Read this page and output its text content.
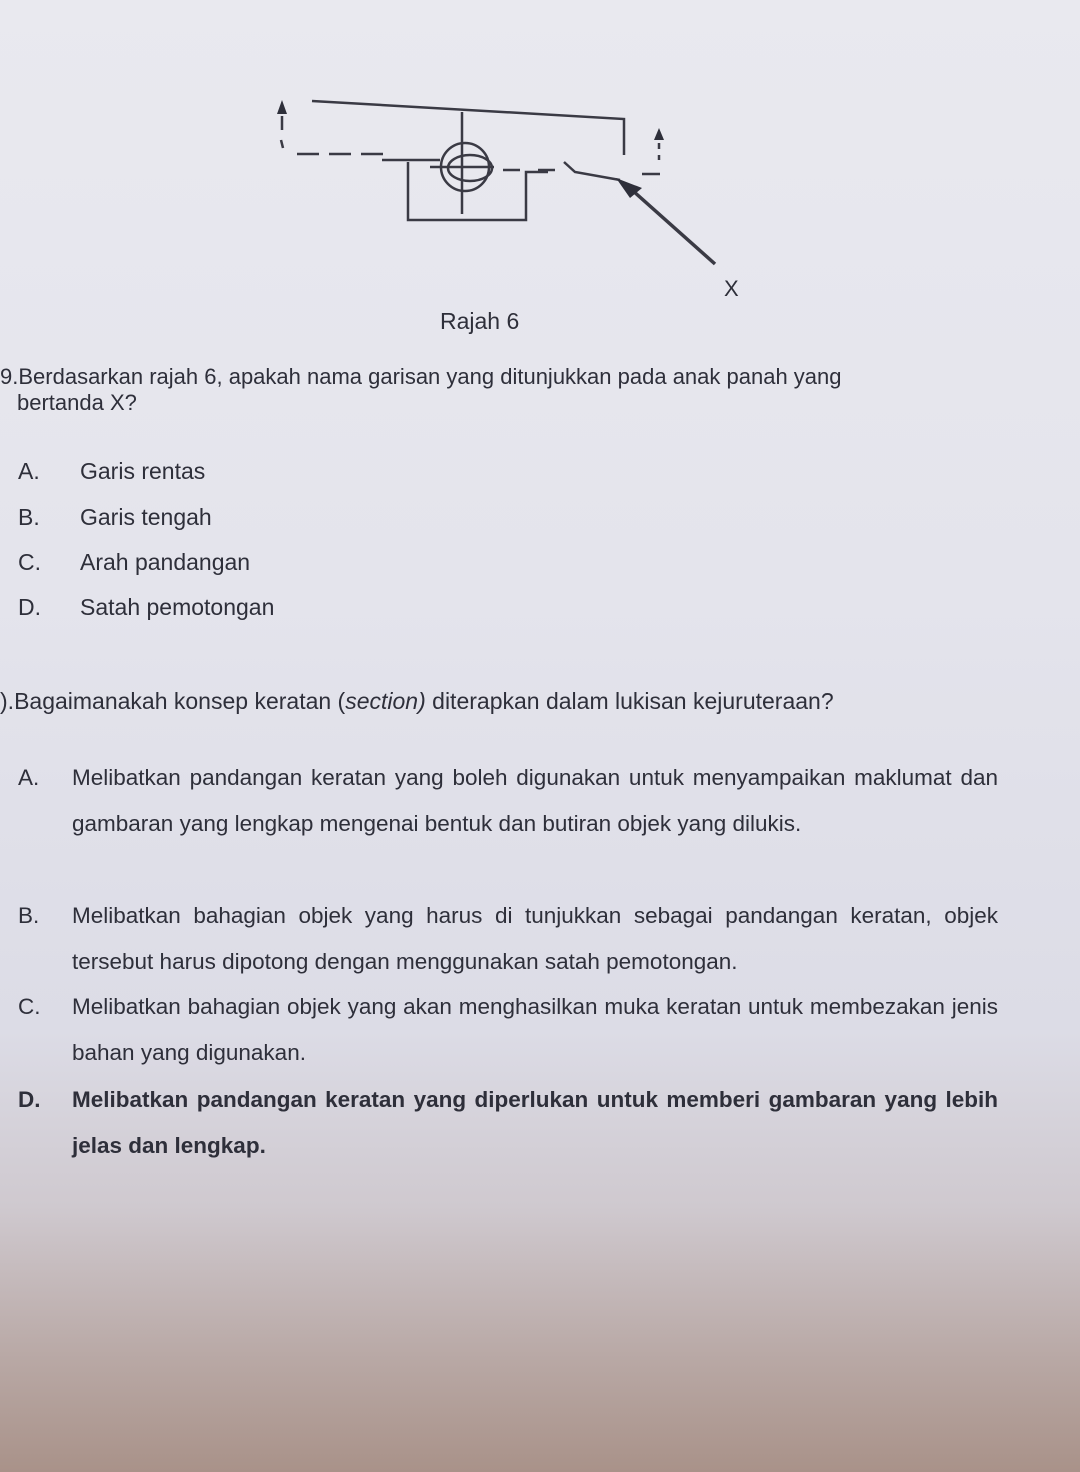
X
Rajah 6
9.Berdasarkan rajah 6, apakah nama garisan yang ditunjukkan pada anak panah yang
bertanda X?
A. Garis rentas
B. Garis tengah
C. Arah pandangan
D. Satah pemotongan
).Bagaimanakah konsep keratan (section) diterapkan dalam lukisan kejuruteraan?
A.	Melibatkan pandangan keratan yang boleh digunakan untuk menyampaikan maklumat dan gambaran yang lengkap mengenai bentuk dan butiran objek yang dilukis.
B.	Melibatkan bahagian objek yang harus di tunjukkan sebagai pandangan keratan, objek tersebut harus dipotong dengan menggunakan satah pemotongan.
C.	Melibatkan bahagian objek yang akan menghasilkan muka keratan untuk membezakan jenis bahan yang digunakan.
D.	Melibatkan pandangan keratan yang diperlukan untuk memberi gambaran yang lebih jelas dan lengkap.
